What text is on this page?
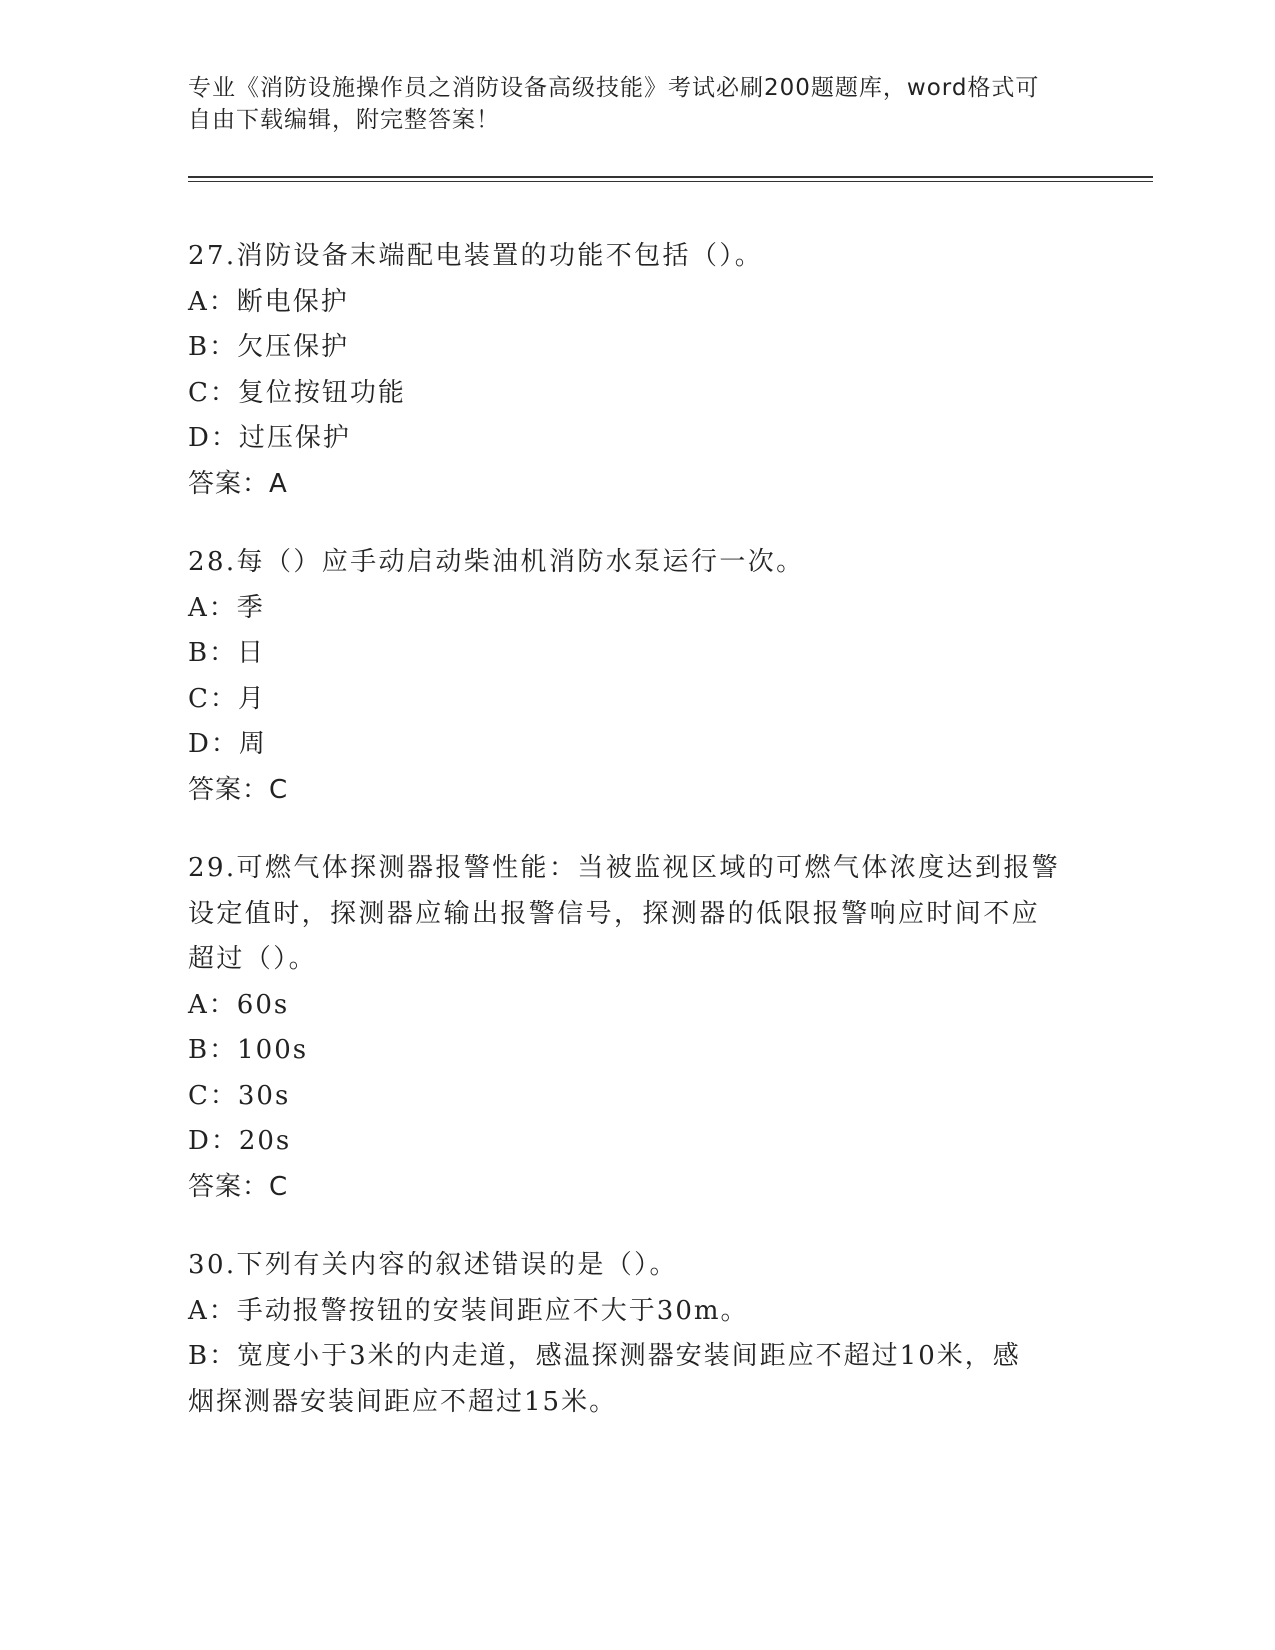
专业《消防设施操作员之消防设备高级技能》考试必刷200题题库，word格式可
自由下载编辑，附完整答案！
27.消防设备末端配电装置的功能不包括（）。
A：断电保护
B：欠压保护
C：复位按钮功能
D：过压保护
答案：A
28.每（）应手动启动柴油机消防水泵运行一次。
A：季
B：日
C：月
D：周
答案：C
29.可燃气体探测器报警性能：当被监视区域的可燃气体浓度达到报警
设定值时，探测器应输出报警信号，探测器的低限报警响应时间不应
超过（）。
A：60s
B：100s
C：30s
D：20s
答案：C
30.下列有关内容的叙述错误的是（）。
A：手动报警按钮的安装间距应不大于30m。
B：宽度小于3米的内走道，感温探测器安装间距应不超过10米，感
烟探测器安装间距应不超过15米。
